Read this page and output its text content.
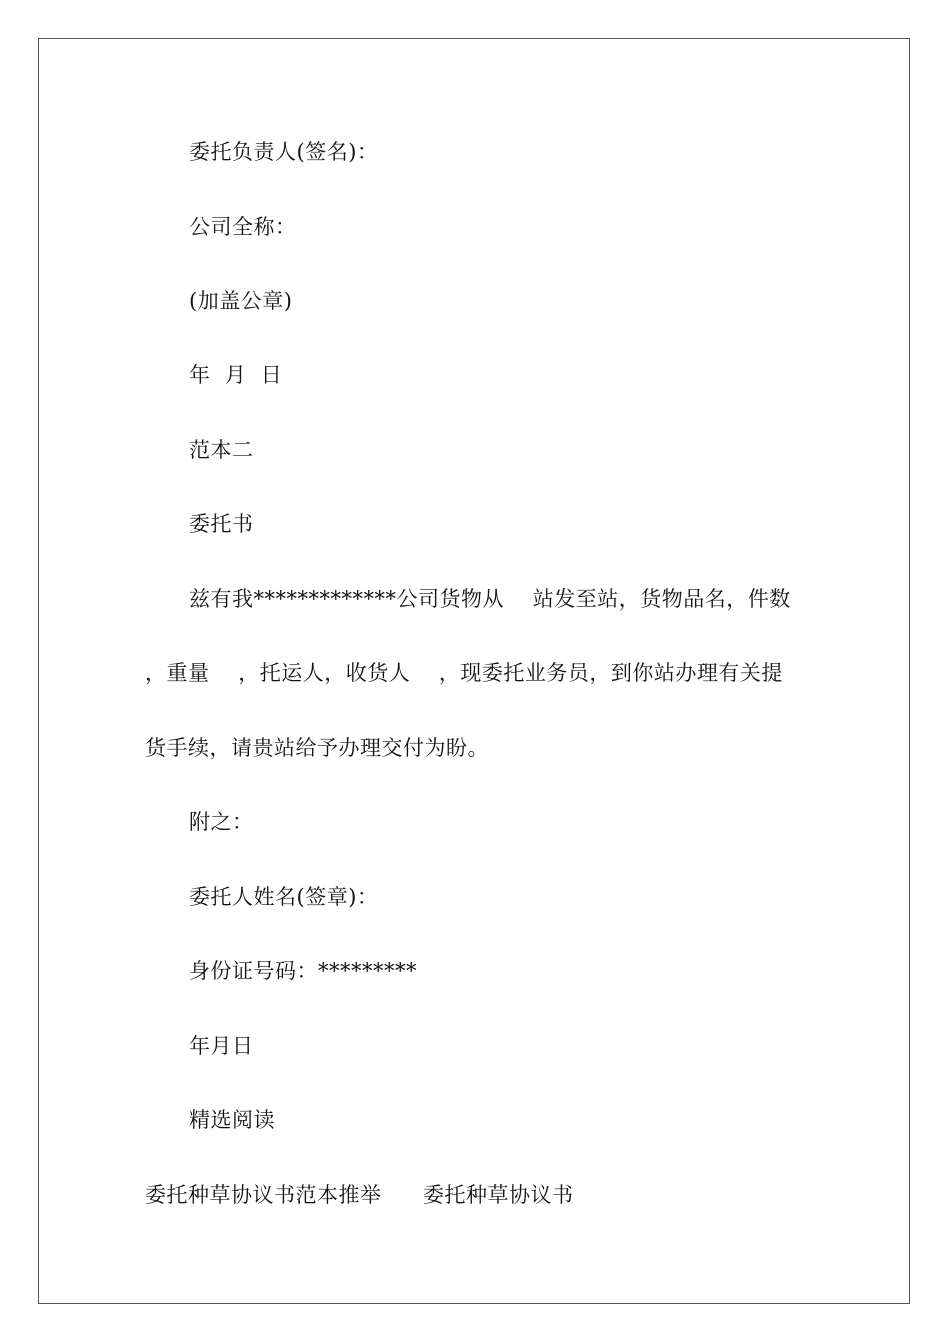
委托负责人(签名)：
公司全称：
(加盖公章)
年  月  日
范本二
委托书
兹有我*************公司货物从    站发至站，货物品名，件数
，重量    ，托运人，收货人    ，现委托业务员，到你站办理有关提
货手续，请贵站给予办理交付为盼。
附之：
委托人姓名(签章)：
身份证号码：*********
年月日
精选阅读
委托种草协议书范本推举 委托种草协议书
